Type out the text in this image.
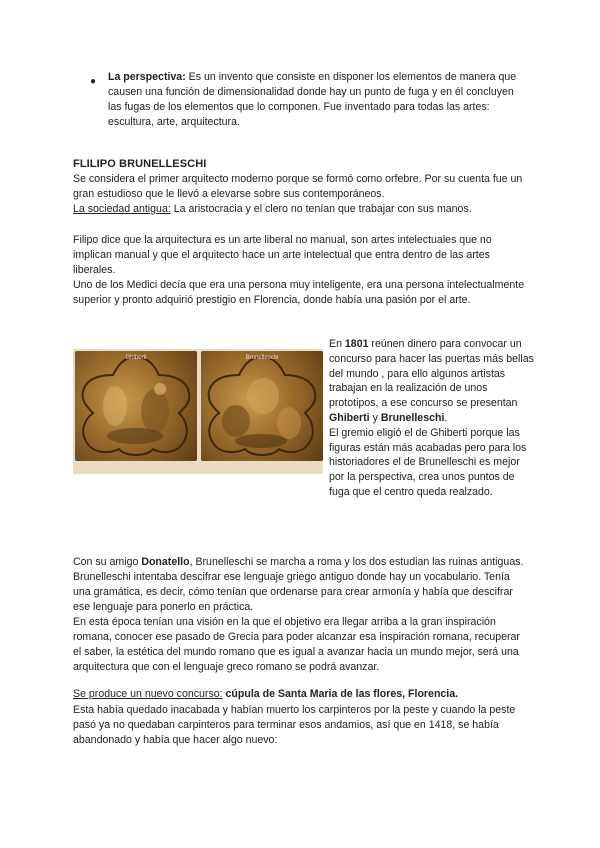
● La perspectiva: Es un invento que consiste en disponer los elementos de manera que causen una función de dimensionalidad donde hay un punto de fuga y en él concluyen las fugas de los elementos que lo componen. Fue inventado para todas las artes: escultura, arte, arquitectura.

FLILIPO BRUNELLESCHI

Se considera el primer arquitecto moderno porque se formó como orfebre. Por su cuenta fue un gran estudioso que le llevó a elevarse sobre sus contemporáneos.

La sociedad antigua: La aristocracia y el clero no tenían que trabajar con sus manos.

Filipo dice que la arquitectura es un arte liberal no manual, son artes intelectuales que no implican manual y que el arquitecto hace un arte intelectual que entra dentro de las artes liberales.

Uno de los Medici decía que era una persona muy inteligente, era una persona intelectualmente superior y pronto adquirió prestigio en Florencia, donde había una pasión por el arte.

Ghiberti	Brunelleschi

En 1801 reúnen dinero para convocar un concurso para hacer las puertas más bellas del mundo , para ello algunos artistas trabajan en la realización de unos prototipos, a ese concurso se presentan Ghiberti y Brunelleschi.
El gremio eligió el de Ghiberti porque las figuras están más acabadas pero para los historiadores el de Brunelleschi es mejor por la perspectiva, crea unos puntos de fuga que el centro queda realzado.

Con su amigo Donatello, Brunelleschi se marcha a roma y los dos estudian las ruinas antiguas. Brunelleschi intentaba descifrar ese lenguaje griego antiguo donde hay un vocabulario. Tenía una gramática, es decir, cómo tenían que ordenarse para crear armonía y había que descifrar ese lenguaje para ponerlo en práctica.

En esta época tenían una visión en la que el objetivo era llegar arriba a la gran inspiración romana, conocer ese pasado de Grecia para poder alcanzar esa inspiración romana, recuperar el saber, la estética del mundo romano que es igual a avanzar hacia un mundo mejor, será una arquitectura que con el lenguaje greco romano se podrá avanzar.

Se produce un nuevo concurso: cúpula de Santa Maria de las flores, Florencia.

Esta había quedado inacabada y habían muerto los carpinteros por la peste y cuando la peste pasó ya no quedaban carpinteros para terminar esos andamios, así que en 1418, se había abandonado y había que hacer algo nuevo:
